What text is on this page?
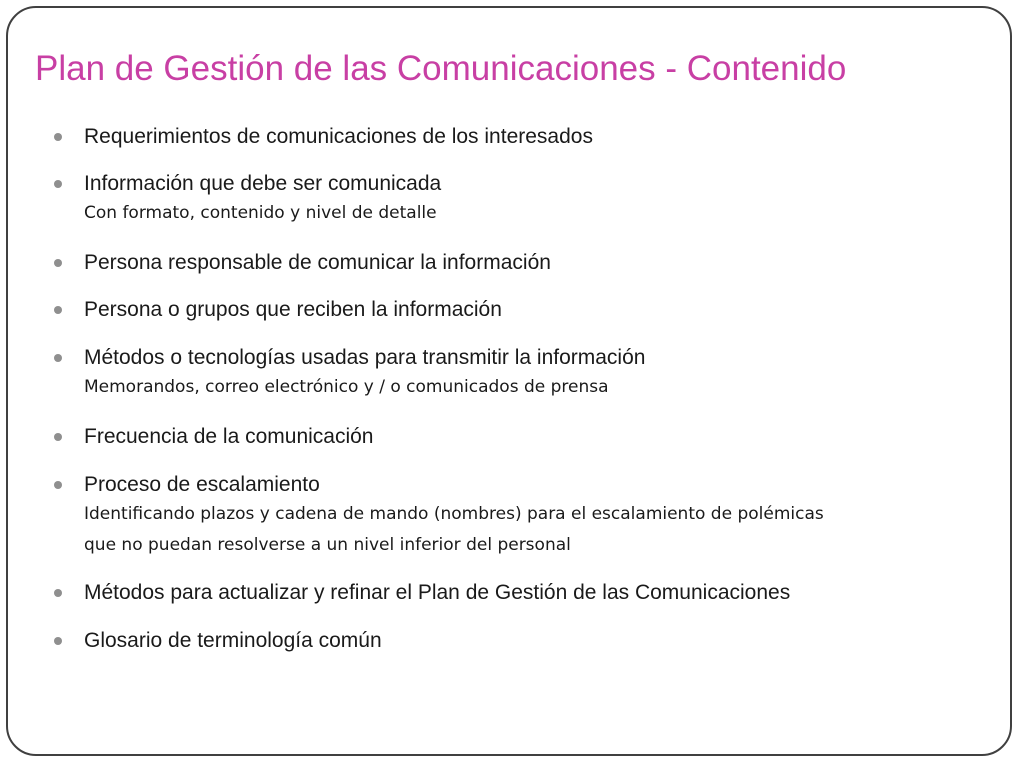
Plan de Gestión de las Comunicaciones - Contenido
Requerimientos de comunicaciones de los interesados
Información que debe ser comunicada
Con formato, contenido y nivel de detalle
Persona responsable de comunicar la información
Persona o grupos que reciben la información
Métodos o tecnologías usadas para transmitir la información
Memorandos, correo electrónico y / o comunicados de prensa
Frecuencia de la comunicación
Proceso de escalamiento
Identificando plazos y cadena de mando (nombres) para el escalamiento de polémicas
que no puedan resolverse a un nivel inferior del personal
Métodos para actualizar y refinar el Plan de Gestión de las Comunicaciones
Glosario de terminología común
